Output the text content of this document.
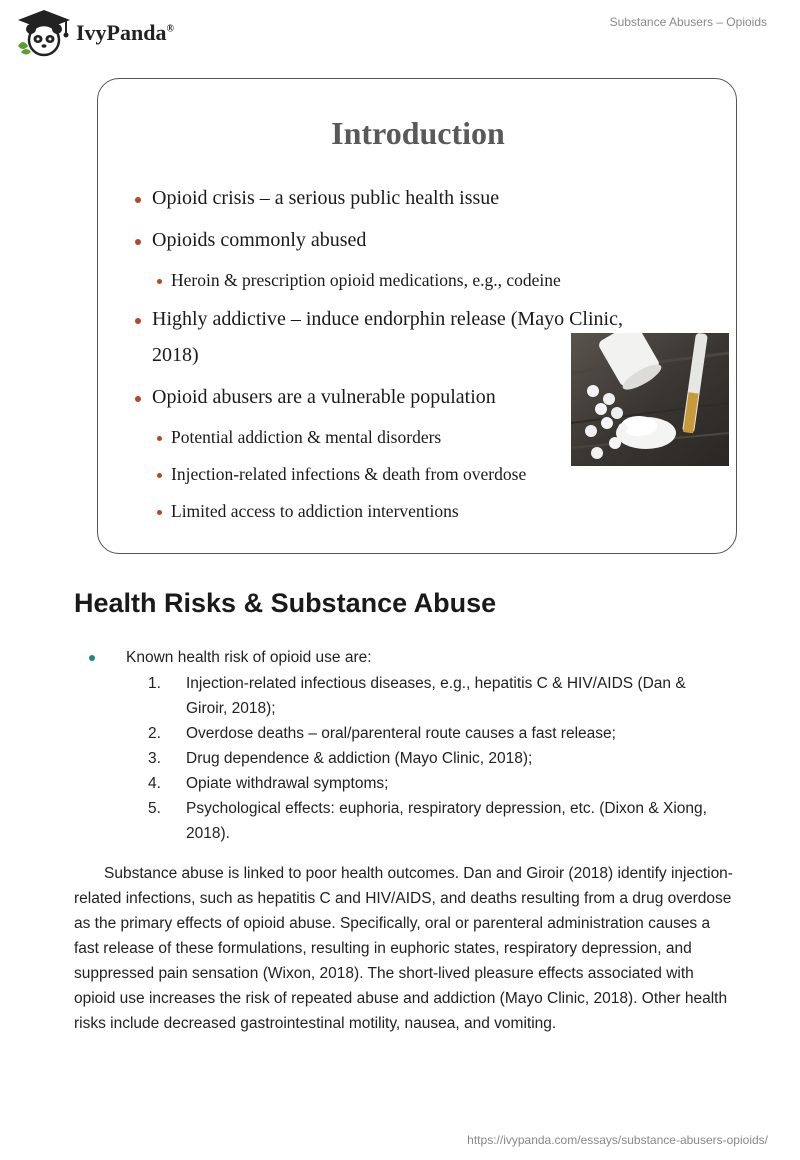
IvyPanda®
Substance Abusers – Opioids
Introduction
Opioid crisis – a serious public health issue
Opioids commonly abused
Heroin & prescription opioid medications, e.g., codeine
Highly addictive – induce endorphin release (Mayo Clinic,
2018)
Opioid abusers are a vulnerable population
Potential addiction & mental disorders
Injection-related infections & death from overdose
Limited access to addiction interventions
Health Risks & Substance Abuse
Known health risk of opioid use are:
1. Injection-related infectious diseases, e.g., hepatitis C & HIV/AIDS (Dan & Giroir, 2018);
2. Overdose deaths – oral/parenteral route causes a fast release;
3. Drug dependence & addiction (Mayo Clinic, 2018);
4. Opiate withdrawal symptoms;
5. Psychological effects: euphoria, respiratory depression, etc. (Dixon & Xiong, 2018).
Substance abuse is linked to poor health outcomes. Dan and Giroir (2018) identify injection-related infections, such as hepatitis C and HIV/AIDS, and deaths resulting from a drug overdose as the primary effects of opioid abuse. Specifically, oral or parenteral administration causes a fast release of these formulations, resulting in euphoric states, respiratory depression, and suppressed pain sensation (Wixon, 2018). The short-lived pleasure effects associated with opioid use increases the risk of repeated abuse and addiction (Mayo Clinic, 2018). Other health risks include decreased gastrointestinal motility, nausea, and vomiting.
https://ivypanda.com/essays/substance-abusers-opioids/
